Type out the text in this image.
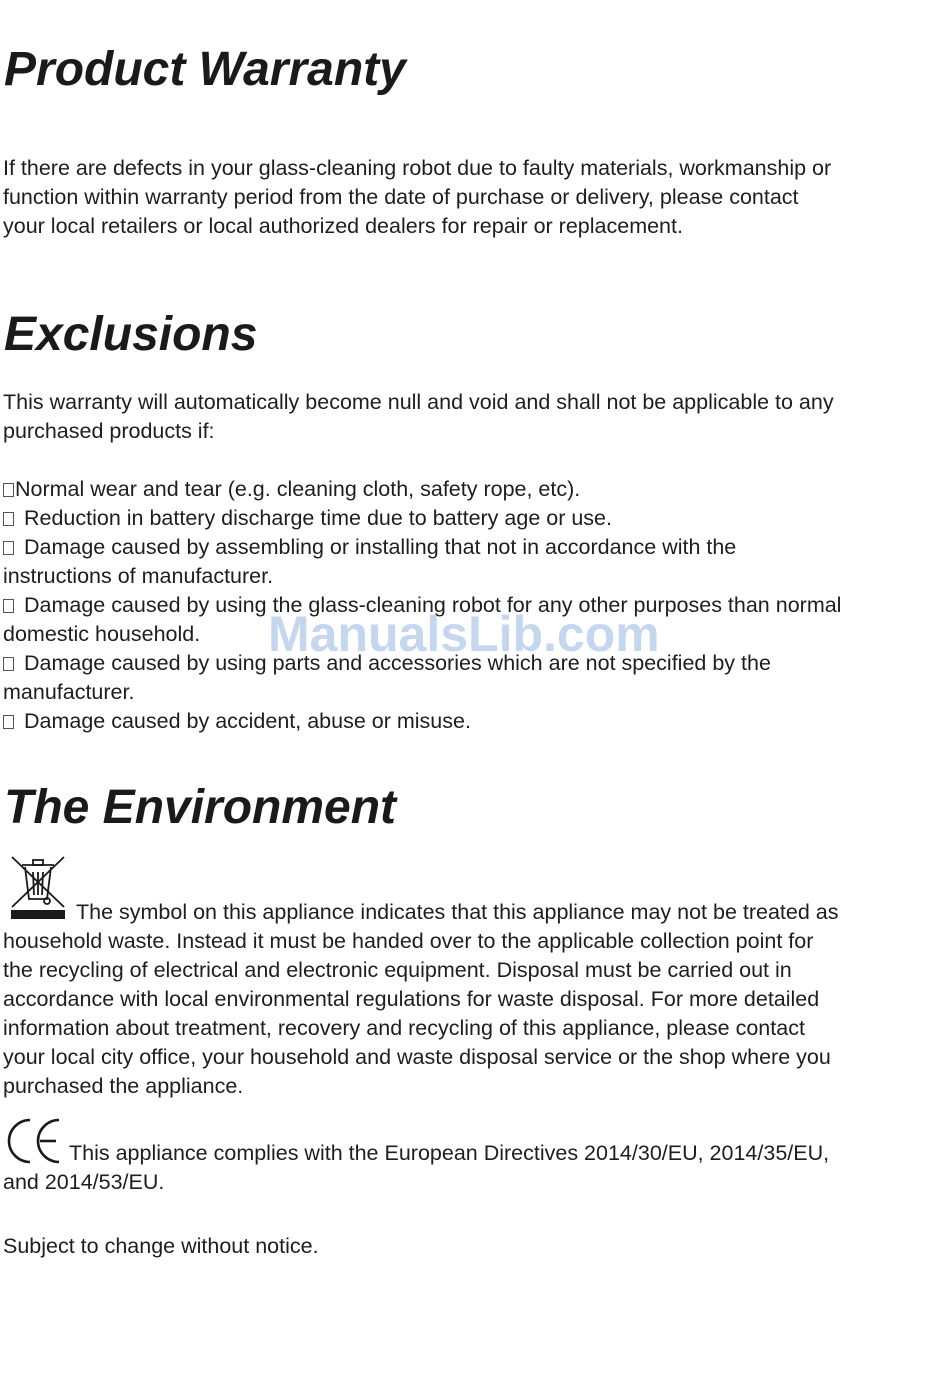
Product Warranty
If there are defects in your glass-cleaning robot due to faulty materials, workmanship or
function within warranty period from the date of purchase or delivery, please contact
your local retailers or local authorized dealers for repair or replacement.
Exclusions
This warranty will automatically become null and void and shall not be applicable to any
purchased products if:
Normal wear and tear (e.g. cleaning cloth, safety rope, etc).
Reduction in battery discharge time due to battery age or use.
Damage caused by assembling or installing that not in accordance with the
instructions of manufacturer.
Damage caused by using the glass-cleaning robot for any other purposes than normal
domestic household.
Damage caused by using parts and accessories which are not specified by the
manufacturer.
Damage caused by accident, abuse or misuse.
ManualsLib.com
The Environment
The symbol on this appliance indicates that this appliance may not be treated as
household waste. Instead it must be handed over to the applicable collection point for
the recycling of electrical and electronic equipment. Disposal must be carried out in
accordance with local environmental regulations for waste disposal. For more detailed
information about treatment, recovery and recycling of this appliance, please contact
your local city office, your household and waste disposal service or the shop where you
purchased the appliance.
This appliance complies with the European Directives 2014/30/EU, 2014/35/EU,
and 2014/53/EU.
Subject to change without notice.
